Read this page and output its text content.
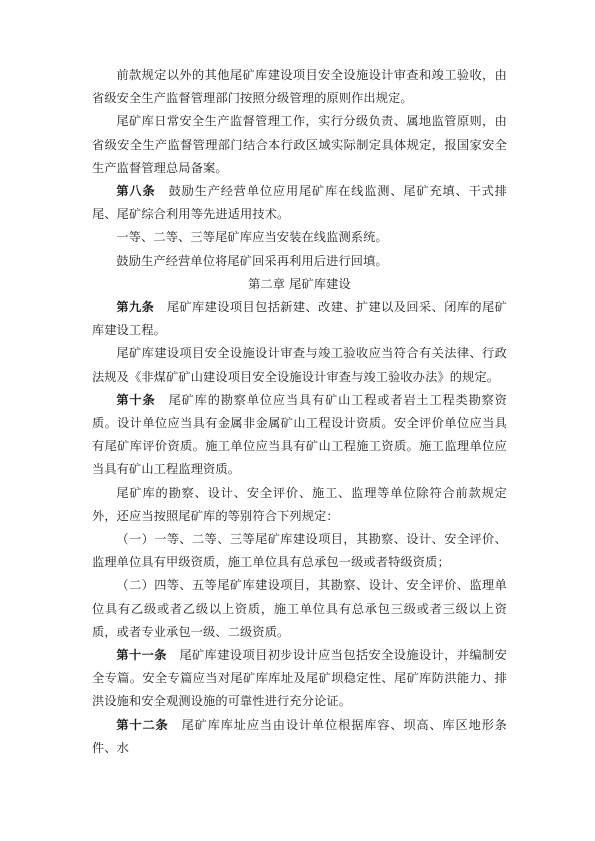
前款规定以外的其他尾矿库建设项目安全设施设计审查和竣工验收，由省级安全生产监督管理部门按照分级管理的原则作出规定。

尾矿库日常安全生产监督管理工作，实行分级负责、属地监管原则，由省级安全生产监督管理部门结合本行政区域实际制定具体规定，报国家安全生产监督管理总局备案。

第八条　 鼓励生产经营单位应用尾矿库在线监测、尾矿充填、干式排尾、尾矿综合利用等先进适用技术。

一等、二等、三等尾矿库应当安装在线监测系统。

鼓励生产经营单位将尾矿回采再利用后进行回填。

第二章 尾矿库建设

第九条　 尾矿库建设项目包括新建、改建、扩建以及回采、闭库的尾矿库建设工程。

尾矿库建设项目安全设施设计审查与竣工验收应当符合有关法律、行政法规及《非煤矿矿山建设项目安全设施设计审查与竣工验收办法》的规定。

第十条　 尾矿库的勘察单位应当具有矿山工程或者岩土工程类勘察资质。设计单位应当具有金属非金属矿山工程设计资质。安全评价单位应当具有尾矿库评价资质。施工单位应当具有矿山工程施工资质。施工监理单位应当具有矿山工程监理资质。

尾矿库的勘察、设计、安全评价、施工、监理等单位除符合前款规定外，还应当按照尾矿库的等别符合下列规定：

（一）一等、二等、三等尾矿库建设项目，其勘察、设计、安全评价、监理单位具有甲级资质，施工单位具有总承包一级或者特级资质；

（二）四等、五等尾矿库建设项目，其勘察、设计、安全评价、监理单位具有乙级或者乙级以上资质，施工单位具有总承包三级或者三级以上资质，或者专业承包一级、二级资质。

第十一条　 尾矿库建设项目初步设计应当包括安全设施设计，并编制安全专篇。安全专篇应当对尾矿库库址及尾矿坝稳定性、尾矿库防洪能力、排洪设施和安全观测设施的可靠性进行充分论证。

第十二条　 尾矿库库址应当由设计单位根据库容、坝高、库区地形条件、水
